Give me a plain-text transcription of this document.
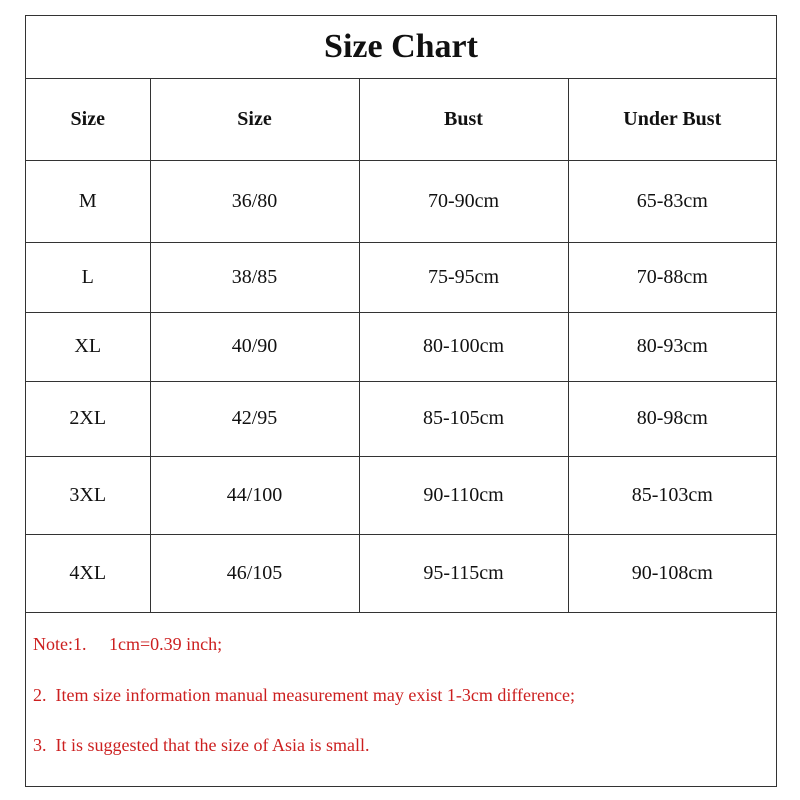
Size Chart
Size	Size	Bust	Under Bust
M	36/80	70-90cm	65-83cm
L	38/85	75-95cm	70-88cm
XL	40/90	80-100cm	80-93cm
2XL	42/95	85-105cm	80-98cm
3XL	44/100	90-110cm	85-103cm
4XL	46/105	95-115cm	90-108cm
Note:1.     1cm=0.39 inch;
2.  Item size information manual measurement may exist 1-3cm difference;
3.  It is suggested that the size of Asia is small.
